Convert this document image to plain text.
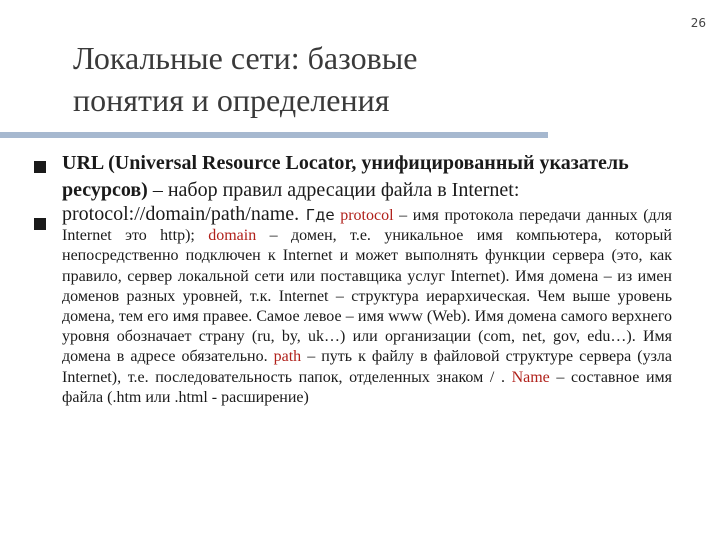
26
Локальные сети: базовые
понятия и определения

URL (Universal Resource Locator, унифицированный указатель ресурсов) – набор правил адресации файла в Internet:

protocol://domain/path/name. Где protocol – имя протокола передачи данных (для Internet это http); domain – домен, т.е. уникальное имя компьютера, который непосредственно подключен к Internet и может выполнять функции сервера (это, как правило, сервер локальной сети или поставщика услуг Internet). Имя домена – из имен доменов разных уровней, т.к. Internet – структура иерархическая. Чем выше уровень домена, тем его имя правее. Самое левое – имя www (Web). Имя домена самого верхнего уровня обозначает страну (ru, by, uk…) или организации (com, net, gov, edu…). Имя домена в адресе обязательно. path – путь к файлу в файловой структуре сервера (узла Internet), т.е. последовательность папок, отделенных знаком / . Name – составное имя файла (.htm или .html - расширение)
